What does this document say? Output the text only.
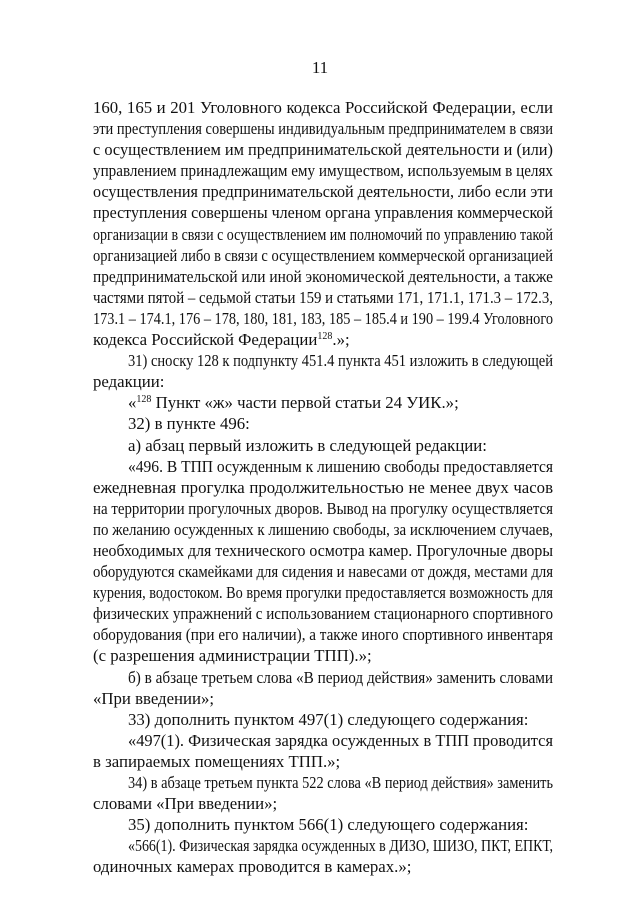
11
160, 165 и 201 Уголовного кодекса Российской Федерации, если
эти преступления совершены индивидуальным предпринимателем в связи
с осуществлением им предпринимательской деятельности и (или)
управлением принадлежащим ему имуществом, используемым в целях
осуществления предпринимательской деятельности, либо если эти
преступления совершены членом органа управления коммерческой
организации в связи с осуществлением им полномочий по управлению такой
организацией либо в связи с осуществлением коммерческой организацией
предпринимательской или иной экономической деятельности, а также
частями пятой – седьмой статьи 159 и статьями 171, 171.1, 171.3 – 172.3,
173.1 – 174.1, 176 – 178, 180, 181, 183, 185 – 185.4 и 190 – 199.4 Уголовного
кодекса Российской Федерации$^{128}$.»;
31) сноску 128 к подпункту 451.4 пункта 451 изложить в следующей
редакции:
«$^{128}$ Пункт «ж» части первой статьи 24 УИК.»;
32) в пункте 496:
а) абзац первый изложить в следующей редакции:
«496. В ТПП осужденным к лишению свободы предоставляется
ежедневная прогулка продолжительностью не менее двух часов
на территории прогулочных дворов. Вывод на прогулку осуществляется
по желанию осужденных к лишению свободы, за исключением случаев,
необходимых для технического осмотра камер. Прогулочные дворы
оборудуются скамейками для сидения и навесами от дождя, местами для
курения, водостоком. Во время прогулки предоставляется возможность для
физических упражнений с использованием стационарного спортивного
оборудования (при его наличии), а также иного спортивного инвентаря
(с разрешения администрации ТПП).»;
б) в абзаце третьем слова «В период действия» заменить словами
«При введении»;
33) дополнить пунктом 497(1) следующего содержания:
«497(1). Физическая зарядка осужденных в ТПП проводится
в запираемых помещениях ТПП.»;
34) в абзаце третьем пункта 522 слова «В период действия» заменить
словами «При введении»;
35) дополнить пунктом 566(1) следующего содержания:
«566(1). Физическая зарядка осужденных в ДИЗО, ШИЗО, ПКТ, ЕПКТ,
одиночных камерах проводится в камерах.»;
